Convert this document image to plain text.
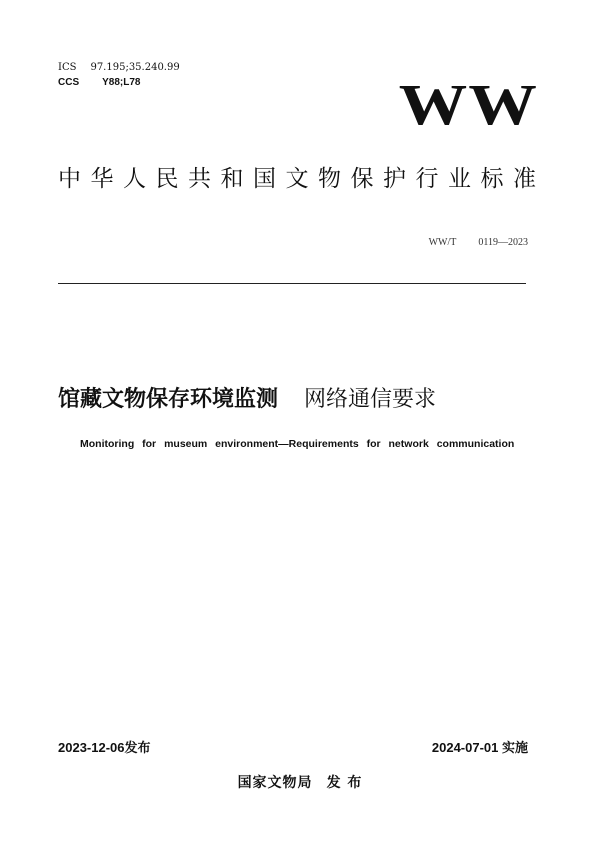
ICS 97.195;35.240.99
CCS Y88;L78	WW
中华人民共和国文物保护行业标准
WW/T 0119—2023
馆藏文物保存环境监测 网络通信要求
Monitoring for museum environment—Requirements for network communication
2023-12-06发布	2024-07-01 实施
国家文物局 发 布
